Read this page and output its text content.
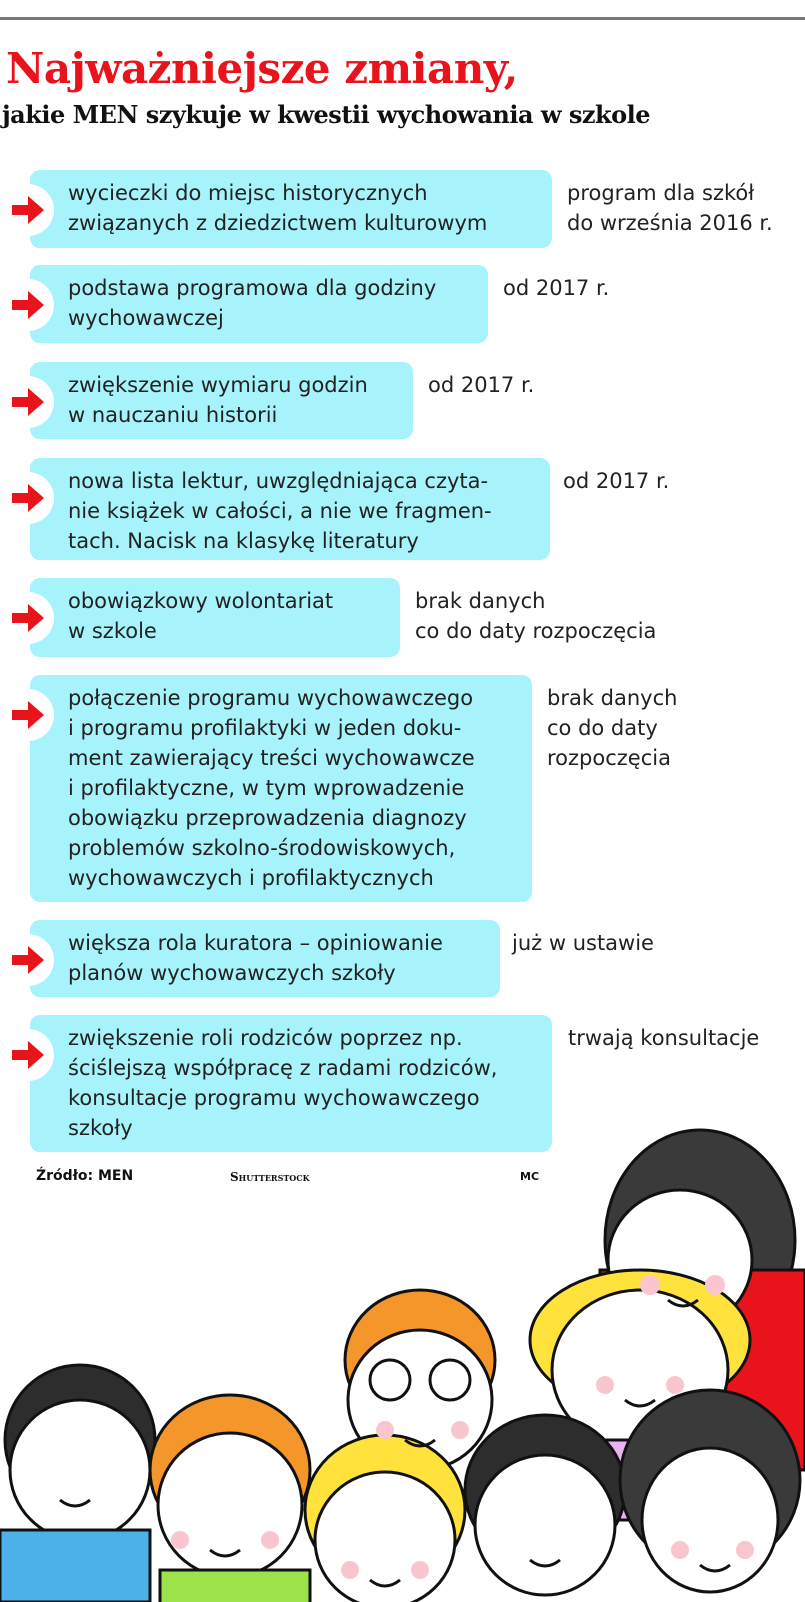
Najważniejsze zmiany,
jakie MEN szykuje w kwestii wychowania w szkole
wycieczki do miejsc historycznych
związanych z dziedzictwem kulturowym
program dla szkół
do września 2016 r.
podstawa programowa dla godziny
wychowawczej
od 2017 r.
zwiększenie wymiaru godzin
w nauczaniu historii
od 2017 r.
nowa lista lektur, uwzględniająca czyta-
nie książek w całości, a nie we fragmen-
tach. Nacisk na klasykę literatury
od 2017 r.
obowiązkowy wolontariat
w szkole
brak danych
co do daty rozpoczęcia
połączenie programu wychowawczego
i programu profilaktyki w jeden doku-
ment zawierający treści wychowawcze
i profilaktyczne, w tym wprowadzenie
obowiązku przeprowadzenia diagnozy
problemów szkolno-środowiskowych,
wychowawczych i profilaktycznych
brak danych
co do daty
rozpoczęcia
większa rola kuratora – opiniowanie
planów wychowawczych szkoły
już w ustawie
zwiększenie roli rodziców poprzez np.
ściślejszą współpracę z radami rodziców,
konsultacje programu wychowawczego
szkoły
trwają konsultacje
Źródło: MEN	Shutterstock	MC
